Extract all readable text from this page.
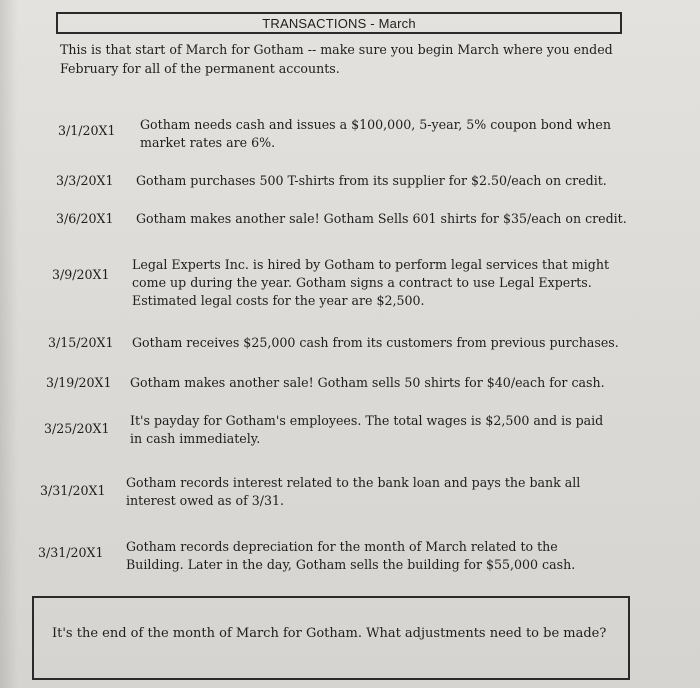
TRANSACTIONS - March
This is that start of March for Gotham -- make sure you begin March where you ended
February for all of the permanent accounts.
3/1/20X1 Gotham needs cash and issues a $100,000, 5-year, 5% coupon bond when
market rates are 6%.
3/3/20X1 Gotham purchases 500 T-shirts from its supplier for $2.50/each on credit.
3/6/20X1 Gotham makes another sale! Gotham Sells 601 shirts for $35/each on credit.
3/9/20X1
Legal Experts Inc. is hired by Gotham to perform legal services that might
come up during the year. Gotham signs a contract to use Legal Experts.
Estimated legal costs for the year are $2,500.
3/15/20X1 Gotham receives $25,000 cash from its customers from previous purchases.
3/19/20X1 Gotham makes another sale! Gotham sells 50 shirts for $40/each for cash.
3/25/20X1
It's payday for Gotham's employees. The total wages is $2,500 and is paid
in cash immediately.
3/31/20X1
Gotham records interest related to the bank loan and pays the bank all
interest owed as of 3/31.
3/31/20X1 Gotham records depreciation for the month of March related to the
Building. Later in the day, Gotham sells the building for $55,000 cash.
It's the end of the month of March for Gotham. What adjustments need to be made?
